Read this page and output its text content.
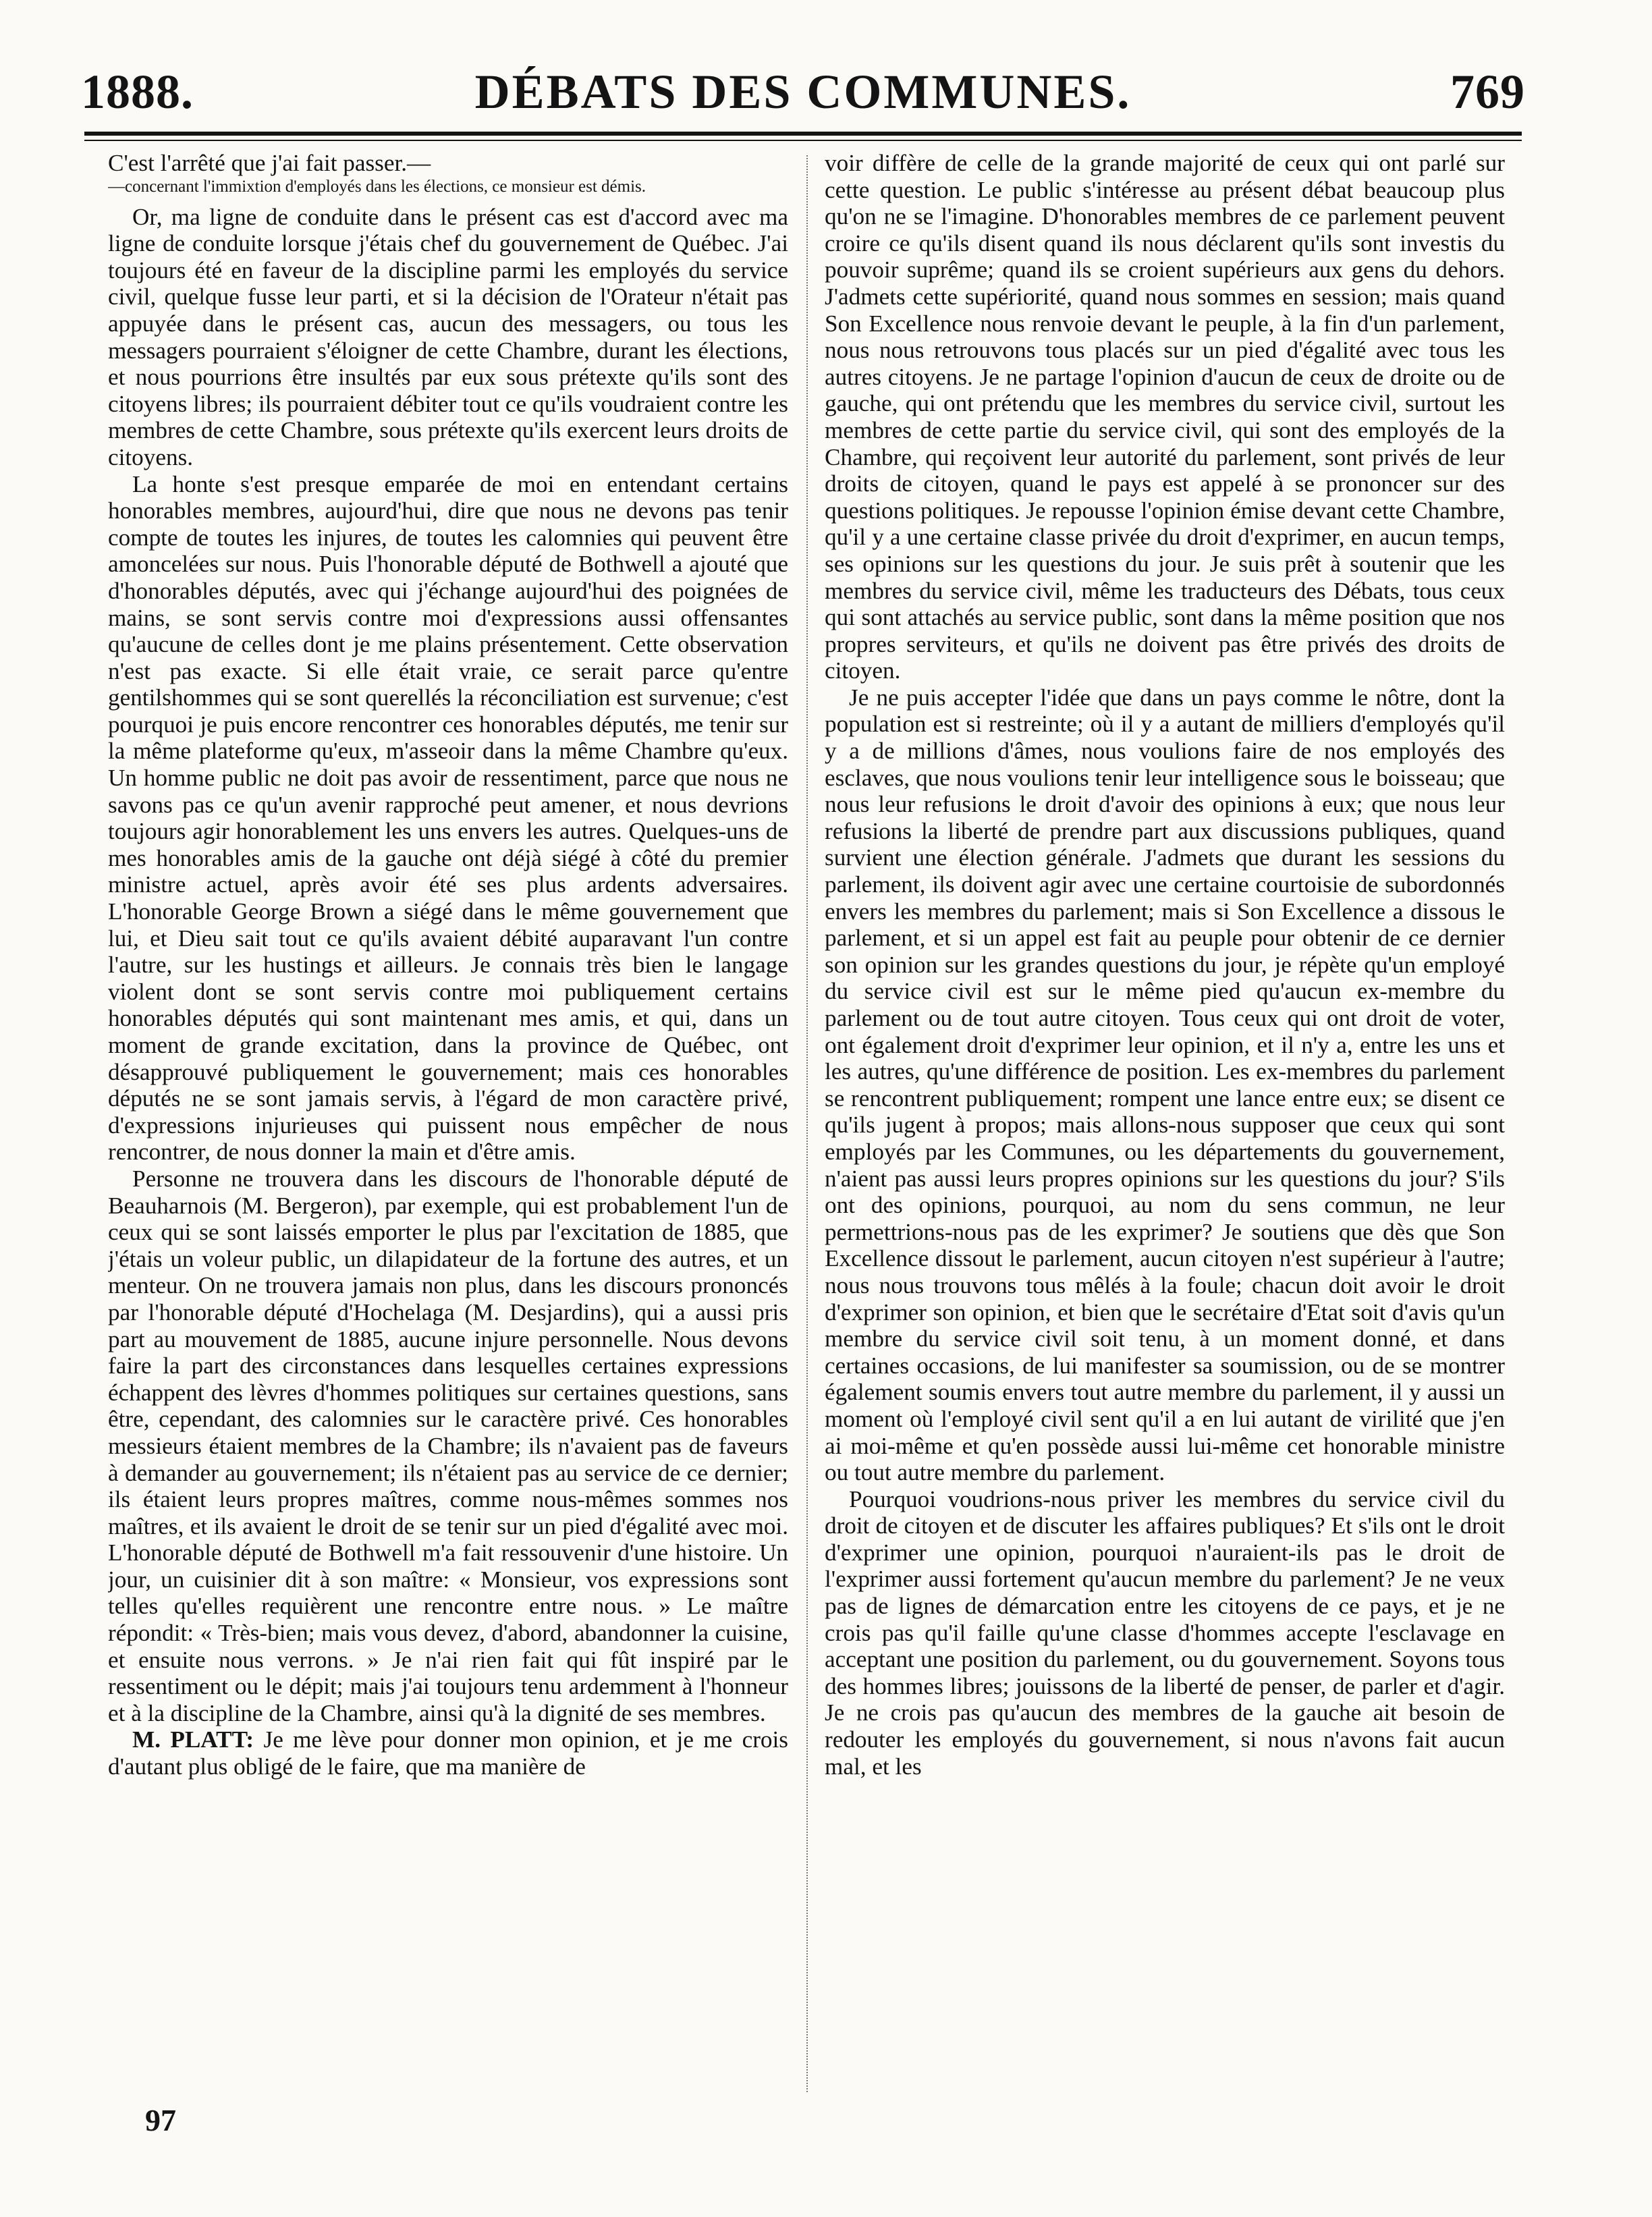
DÉBATS DES COMMUNES.
1888.	769

C'est l'arrêté que j'ai fait passer.—

—concernant l'immixtion d'employés dans les élections, ce monsieur est démis.

Or, ma ligne de conduite dans le présent cas est d'accord avec ma ligne de conduite lorsque j'étais chef du gouvernement de Québec. J'ai toujours été en faveur de la discipline parmi les employés du service civil, quelque fusse leur parti, et si la décision de l'Orateur n'était pas appuyée dans le présent cas, aucun des messagers, ou tous les messagers pourraient s'éloigner de cette Chambre, durant les élections, et nous pourrions être insultés par eux sous prétexte qu'ils sont des citoyens libres; ils pourraient débiter tout ce qu'ils voudraient contre les membres de cette Chambre, sous prétexte qu'ils exercent leurs droits de citoyens.

La honte s'est presque emparée de moi en entendant certains honorables membres, aujourd'hui, dire que nous ne devons pas tenir compte de toutes les injures, de toutes les calomnies qui peuvent être amoncelées sur nous. Puis l'honorable député de Bothwell a ajouté que d'honorables députés, avec qui j'échange aujourd'hui des poignées de mains, se sont servis contre moi d'expressions aussi offensantes qu'aucune de celles dont je me plains présentement. Cette observation n'est pas exacte. Si elle était vraie, ce serait parce qu'entre gentilshommes qui se sont querellés la réconciliation est survenue; c'est pourquoi je puis encore rencontrer ces honorables députés, me tenir sur la même plateforme qu'eux, m'asseoir dans la même Chambre qu'eux. Un homme public ne doit pas avoir de ressentiment, parce que nous ne savons pas ce qu'un avenir rapproché peut amener, et nous devrions toujours agir honorablement les uns envers les autres. Quelques-uns de mes honorables amis de la gauche ont déjà siégé à côté du premier ministre actuel, après avoir été ses plus ardents adversaires. L'honorable George Brown a siégé dans le même gouvernement que lui, et Dieu sait tout ce qu'ils avaient débité auparavant l'un contre l'autre, sur les hustings et ailleurs. Je connais très bien le langage violent dont se sont servis contre moi publiquement certains honorables députés qui sont maintenant mes amis, et qui, dans un moment de grande excitation, dans la province de Québec, ont désapprouvé publiquement le gouvernement; mais ces honorables députés ne se sont jamais servis, à l'égard de mon caractère privé, d'expressions injurieuses qui puissent nous empêcher de nous rencontrer, de nous donner la main et d'être amis.

Personne ne trouvera dans les discours de l'honorable député de Beauharnois (M. Bergeron), par exemple, qui est probablement l'un de ceux qui se sont laissés emporter le plus par l'excitation de 1885, que j'étais un voleur public, un dilapidateur de la fortune des autres, et un menteur. On ne trouvera jamais non plus, dans les discours prononcés par l'honorable député d'Hochelaga (M. Desjardins), qui a aussi pris part au mouvement de 1885, aucune injure personnelle. Nous devons faire la part des circonstances dans lesquelles certaines expressions échappent des lèvres d'hommes politiques sur certaines questions, sans être, cependant, des calomnies sur le caractère privé. Ces honorables messieurs étaient membres de la Chambre; ils n'avaient pas de faveurs à demander au gouvernement; ils n'étaient pas au service de ce dernier; ils étaient leurs propres maîtres, comme nous-mêmes sommes nos maîtres, et ils avaient le droit de se tenir sur un pied d'égalité avec moi. L'honorable député de Bothwell m'a fait ressouvenir d'une histoire. Un jour, un cuisinier dit à son maître: « Monsieur, vos expressions sont telles qu'elles requièrent une rencontre entre nous. » Le maître répondit: « Très-bien; mais vous devez, d'abord, abandonner la cuisine, et ensuite nous verrons. » Je n'ai rien fait qui fût inspiré par le ressentiment ou le dépit; mais j'ai toujours tenu ardemment à l'honneur et à la discipline de la Chambre, ainsi qu'à la dignité de ses membres.

M. PLATT: Je me lève pour donner mon opinion, et je me crois d'autant plus obligé de le faire, que ma manière de

voir diffère de celle de la grande majorité de ceux qui ont parlé sur cette question. Le public s'intéresse au présent débat beaucoup plus qu'on ne se l'imagine. D'honorables membres de ce parlement peuvent croire ce qu'ils disent quand ils nous déclarent qu'ils sont investis du pouvoir suprême; quand ils se croient supérieurs aux gens du dehors. J'admets cette supériorité, quand nous sommes en session; mais quand Son Excellence nous renvoie devant le peuple, à la fin d'un parlement, nous nous retrouvons tous placés sur un pied d'égalité avec tous les autres citoyens. Je ne partage l'opinion d'aucun de ceux de droite ou de gauche, qui ont prétendu que les membres du service civil, surtout les membres de cette partie du service civil, qui sont des employés de la Chambre, qui reçoivent leur autorité du parlement, sont privés de leur droits de citoyen, quand le pays est appelé à se prononcer sur des questions politiques. Je repousse l'opinion émise devant cette Chambre, qu'il y a une certaine classe privée du droit d'exprimer, en aucun temps, ses opinions sur les questions du jour. Je suis prêt à soutenir que les membres du service civil, même les traducteurs des Débats, tous ceux qui sont attachés au service public, sont dans la même position que nos propres serviteurs, et qu'ils ne doivent pas être privés des droits de citoyen.

Je ne puis accepter l'idée que dans un pays comme le nôtre, dont la population est si restreinte; où il y a autant de milliers d'employés qu'il y a de millions d'âmes, nous voulions faire de nos employés des esclaves, que nous voulions tenir leur intelligence sous le boisseau; que nous leur refusions le droit d'avoir des opinions à eux; que nous leur refusions la liberté de prendre part aux discussions publiques, quand survient une élection générale. J'admets que durant les sessions du parlement, ils doivent agir avec une certaine courtoisie de subordonnés envers les membres du parlement; mais si Son Excellence a dissous le parlement, et si un appel est fait au peuple pour obtenir de ce dernier son opinion sur les grandes questions du jour, je répète qu'un employé du service civil est sur le même pied qu'aucun ex-membre du parlement ou de tout autre citoyen. Tous ceux qui ont droit de voter, ont également droit d'exprimer leur opinion, et il n'y a, entre les uns et les autres, qu'une différence de position. Les ex-membres du parlement se rencontrent publiquement; rompent une lance entre eux; se disent ce qu'ils jugent à propos; mais allons-nous supposer que ceux qui sont employés par les Communes, ou les départements du gouvernement, n'aient pas aussi leurs propres opinions sur les questions du jour? S'ils ont des opinions, pourquoi, au nom du sens commun, ne leur permettrions-nous pas de les exprimer? Je soutiens que dès que Son Excellence dissout le parlement, aucun citoyen n'est supérieur à l'autre; nous nous trouvons tous mêlés à la foule; chacun doit avoir le droit d'exprimer son opinion, et bien que le secrétaire d'Etat soit d'avis qu'un membre du service civil soit tenu, à un moment donné, et dans certaines occasions, de lui manifester sa soumission, ou de se montrer également soumis envers tout autre membre du parlement, il y aussi un moment où l'employé civil sent qu'il a en lui autant de virilité que j'en ai moi-même et qu'en possède aussi lui-même cet honorable ministre ou tout autre membre du parlement.

Pourquoi voudrions-nous priver les membres du service civil du droit de citoyen et de discuter les affaires publiques? Et s'ils ont le droit d'exprimer une opinion, pourquoi n'auraient-ils pas le droit de l'exprimer aussi fortement qu'aucun membre du parlement? Je ne veux pas de lignes de démarcation entre les citoyens de ce pays, et je ne crois pas qu'il faille qu'une classe d'hommes accepte l'esclavage en acceptant une position du parlement, ou du gouvernement. Soyons tous des hommes libres; jouissons de la liberté de penser, de parler et d'agir. Je ne crois pas qu'aucun des membres de la gauche ait besoin de redouter les employés du gouvernement, si nous n'avons fait aucun mal, et les

97
